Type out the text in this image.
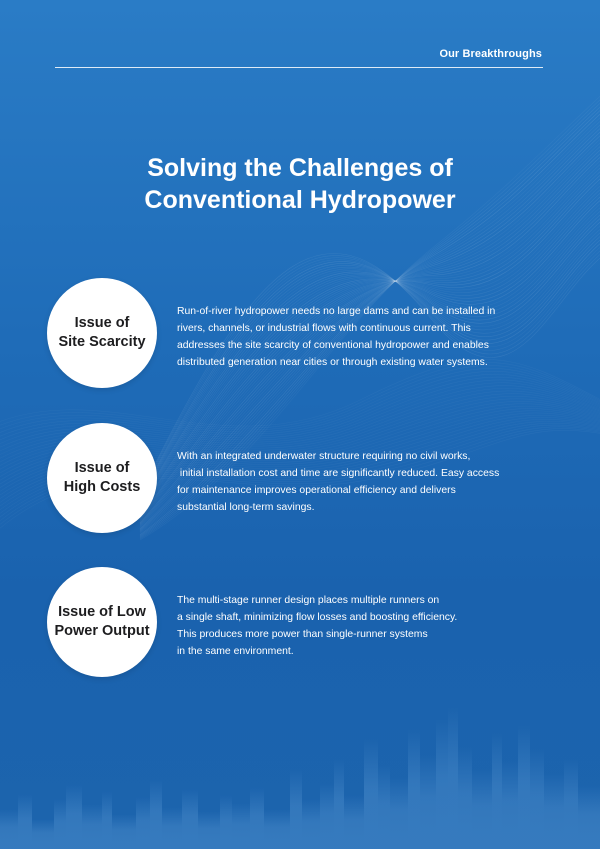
Our Breakthroughs
Solving the Challenges of
Conventional Hydropower
Issue of
Site Scarcity
Run-of-river hydropower needs no large dams and can be installed in
rivers, channels, or industrial flows with continuous current. This
addresses the site scarcity of conventional hydropower and enables
distributed generation near cities or through existing water systems.
Issue of
High Costs
With an integrated underwater structure requiring no civil works,
initial installation cost and time are significantly reduced. Easy access
for maintenance improves operational efficiency and delivers
substantial long-term savings.
Issue of Low
Power Output
The multi-stage runner design places multiple runners on
a single shaft, minimizing flow losses and boosting efficiency.
This produces more power than single-runner systems
in the same environment.
